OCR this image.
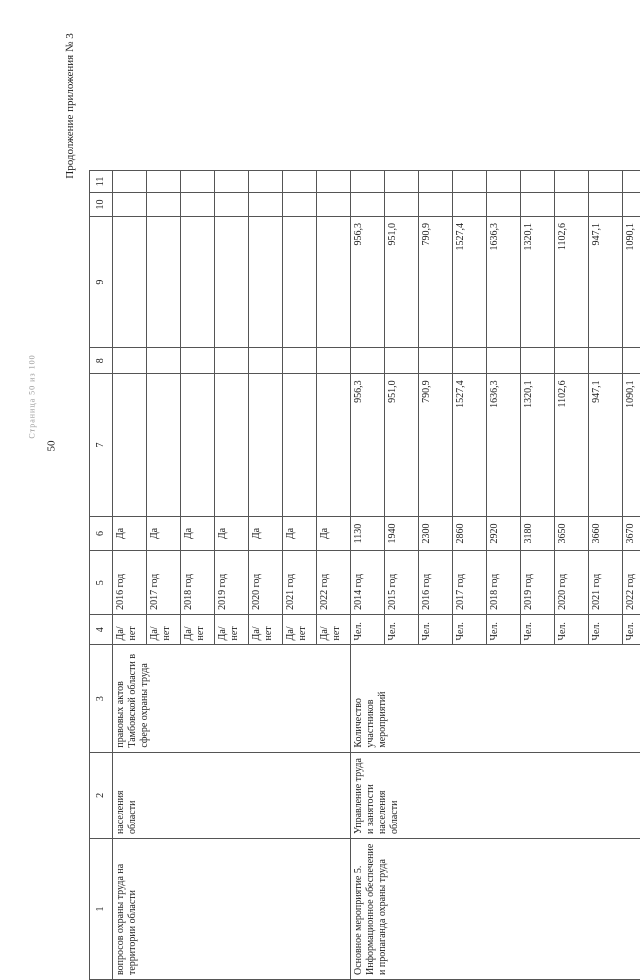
Страница 50 из 100
50
Продолжение приложения № 3
1	2	3	4	5	6	7	8	9	10	11
вопросов охраны труда на территории области	населения области	правовых актов Тамбовской области в сфере охраны труда	Да/ нет	2016 год	Да					
			Да/ нет	2017 год	Да					
			Да/ нет	2018 год	Да					
			Да/ нет	2019 год	Да					
			Да/ нет	2020 год	Да					
			Да/ нет	2021 год	Да					
			Да/ нет	2022 год	Да					
Основное мероприятие 5. Информационное обеспечение и пропаганда охраны труда	Управление труда и занятости населения области	Количество участников мероприятий	Чел.	2014 год	1130	956,3		956,3		
			Чел.	2015 год	1940	951,0		951,0		
			Чел.	2016 год	2300	790,9		790,9		
			Чел.	2017 год	2860	1527,4		1527,4		
			Чел.	2018 год	2920	1636,3		1636,3		
			Чел.	2019 год	3180	1320,1		1320,1		
			Чел.	2020 год	3650	1102,6		1102,6		
			Чел.	2021 год	3660	947,1		947,1		
			Чел.	2022 год	3670	1090,1		1090,1		
